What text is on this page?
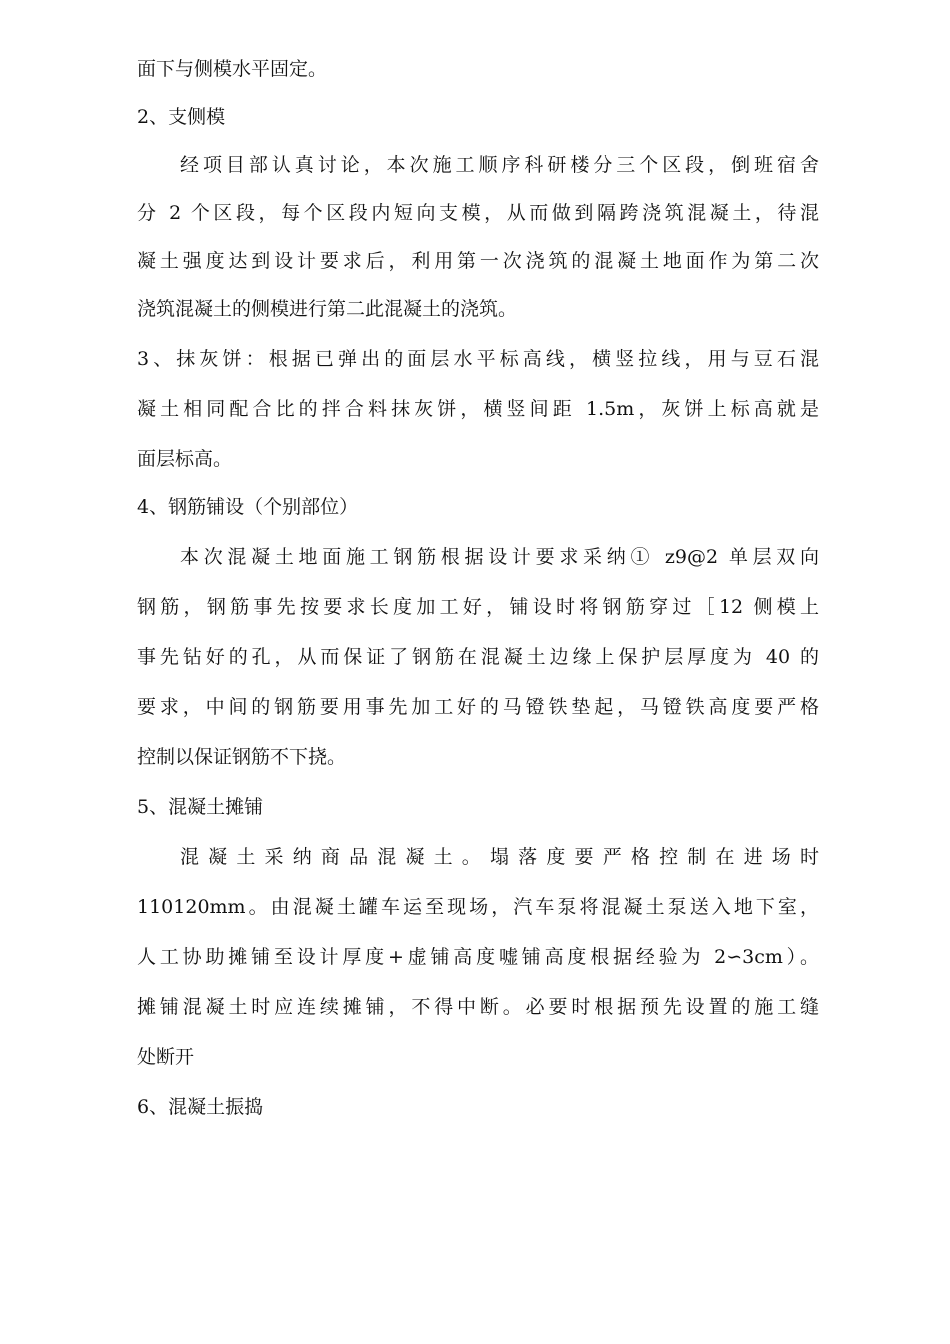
面下与侧模水平固定。
2、支侧模
经项目部认真讨论，本次施工顺序科研楼分三个区段，倒班宿舍
分 2 个区段，每个区段内短向支模，从而做到隔跨浇筑混凝土，待混
凝土强度达到设计要求后，利用第一次浇筑的混凝土地面作为第二次
浇筑混凝土的侧模进行第二此混凝土的浇筑。
3、抹灰饼：根据已弹出的面层水平标高线，横竖拉线，用与豆石混
凝土相同配合比的拌合料抹灰饼，横竖间距 1.5m，灰饼上标高就是
面层标高。
4、钢筋铺设（个别部位）
本次混凝土地面施工钢筋根据设计要求采纳① z9@2 单层双向
钢筋，钢筋事先按要求长度加工好，铺设时将钢筋穿过［12 侧模上
事先钻好的孔，从而保证了钢筋在混凝土边缘上保护层厚度为 40 的
要求，中间的钢筋要用事先加工好的马镫铁垫起，马镫铁高度要严格
控制以保证钢筋不下挠。
5、混凝土摊铺
混凝土采纳商品混凝土。塌落度要严格控制在进场时
110120mm。由混凝土罐车运至现场，汽车泵将混凝土泵送入地下室，
人工协助摊铺至设计厚度+虚铺高度嘘铺高度根据经验为 2∽3cm）。
摊铺混凝土时应连续摊铺，不得中断。必要时根据预先设置的施工缝
处断开
6、混凝土振捣
